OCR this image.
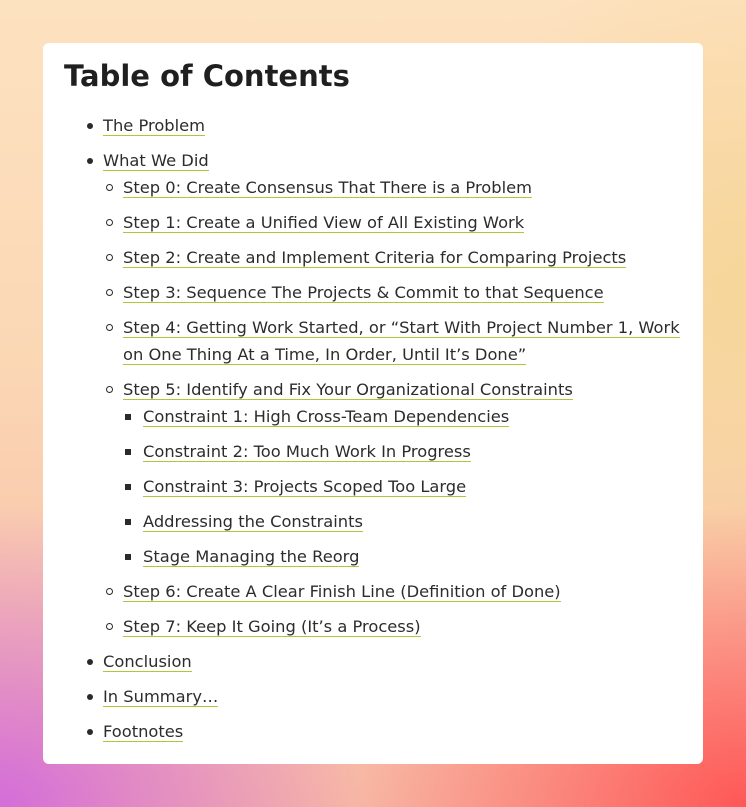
Table of Contents
The Problem
What We Did
Step 0: Create Consensus That There is a Problem
Step 1: Create a Unified View of All Existing Work
Step 2: Create and Implement Criteria for Comparing Projects
Step 3: Sequence The Projects & Commit to that Sequence
Step 4: Getting Work Started, or “Start With Project Number 1, Work on One Thing At a Time, In Order, Until It’s Done”
Step 5: Identify and Fix Your Organizational Constraints
Constraint 1: High Cross-Team Dependencies
Constraint 2: Too Much Work In Progress
Constraint 3: Projects Scoped Too Large
Addressing the Constraints
Stage Managing the Reorg
Step 6: Create A Clear Finish Line (Definition of Done)
Step 7: Keep It Going (It’s a Process)
Conclusion
In Summary…
Footnotes
